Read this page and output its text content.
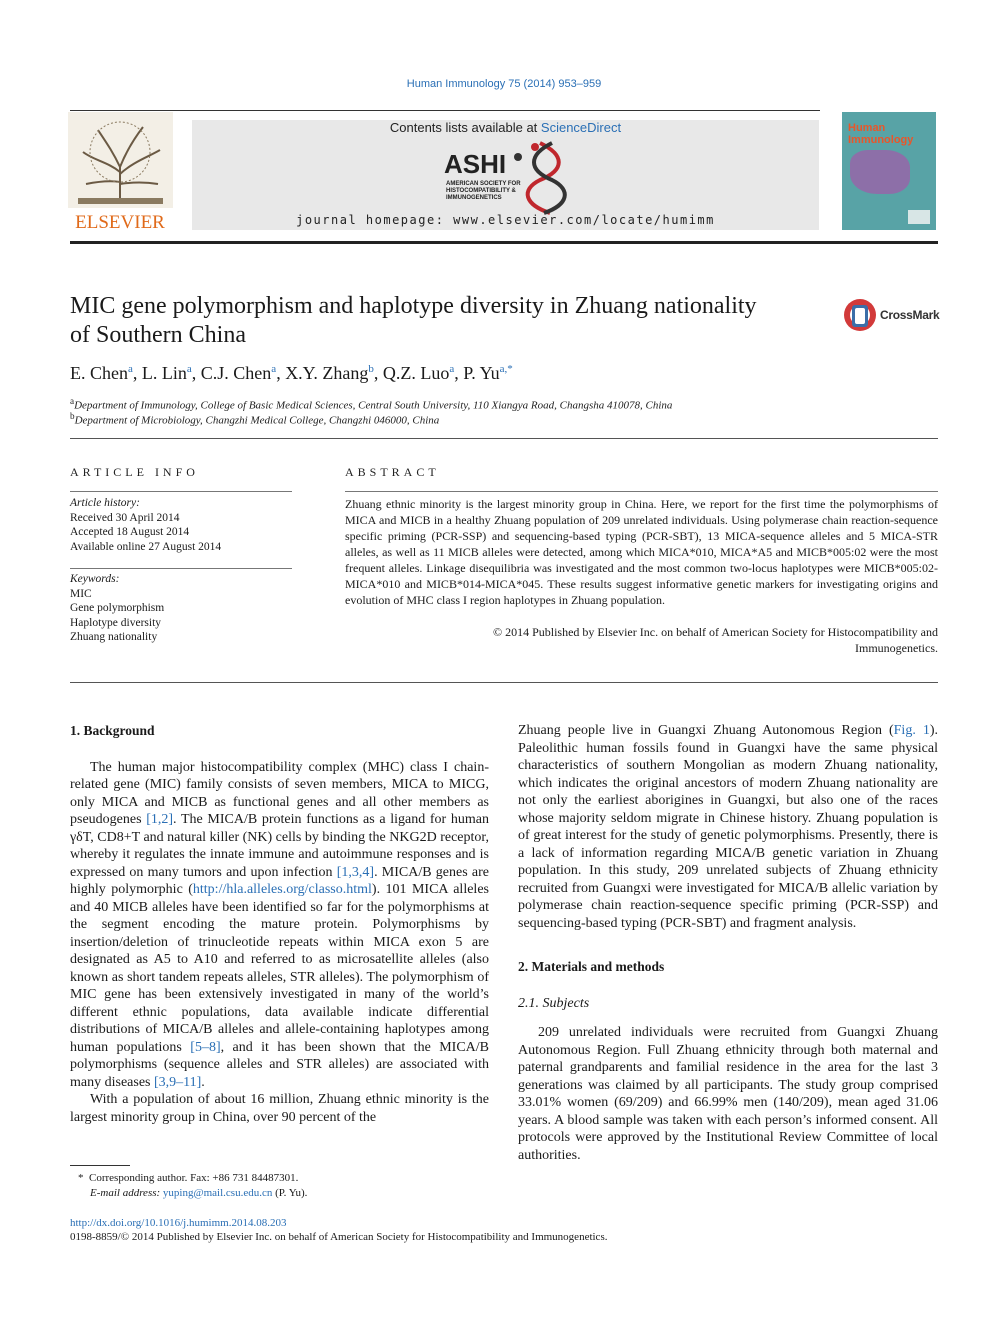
Human Immunology 75 (2014) 953–959
ELSEVIER
Contents lists available at ScienceDirect
ASHI
AMERICAN SOCIETY FOR
HISTOCOMPATIBILITY &
IMMUNOGENETICS
journal homepage: www.elsevier.com/locate/humimm
Human
Immunology
MIC gene polymorphism and haplotype diversity in Zhuang nationality
of Southern China
CrossMark
E. Chen$^a$, L. Lin$^a$, C.J. Chen$^a$, X.Y. Zhang$^b$, Q.Z. Luo$^a$, P. $Yu^{a,*}$
$^a$Department of Immunology, College of Basic Medical Sciences, Central South University, 110 Xiangya Road, Changsha 410078, China
$^b$Department of Microbiology, Changzhi Medical College, Changzhi 046000, China
ARTICLE INFO	ABSTRACT
Article history:
Received 30 April 2014
Accepted 18 August 2014
Available online 27 August 2014
Keywords:
MIC
Gene polymorphism
Haplotype diversity
Zhuang nationality
Zhuang ethnic minority is the largest minority group in China. Here, we report for the first time the polymorphisms of MICA and MICB in a healthy Zhuang population of 209 unrelated individuals. Using polymerase chain reaction-sequence specific priming (PCR-SSP) and sequencing-based typing (PCR-SBT), 13 MICA-sequence alleles and 5 MICA-STR alleles, as well as 11 MICB alleles were detected, among which MICA*010, MICA*A5 and MICB*005:02 were the most frequent alleles. Linkage disequilibria was investigated and the most common two-locus haplotypes were MICB*005:02-MICA*010 and MICB*014-MICA*045. These results suggest informative genetic markers for investigating origins and evolution of MHC class I region haplotypes in Zhuang population.
© 2014 Published by Elsevier Inc. on behalf of American Society for Histocompatibility and
Immunogenetics.
1. Background

The human major histocompatibility complex (MHC) class I chain-related gene (MIC) family consists of seven members, MICA to MICG, only MICA and MICB as functional genes and all other members as pseudogenes [1,2]. The MICA/B protein functions as a ligand for human γδT, CD8+T and natural killer (NK) cells by binding the NKG2D receptor, whereby it regulates the innate immune and autoimmune responses and is expressed on many tumors and upon infection [1,3,4]. MICA/B genes are highly polymorphic (http://hla.alleles.org/classo.html). 101 MICA alleles and 40 MICB alleles have been identified so far for the polymorphisms at the segment encoding the mature protein. Polymorphisms by insertion/deletion of trinucleotide repeats within MICA exon 5 are designated as A5 to A10 and referred to as microsatellite alleles (also known as short tandem repeats alleles, STR alleles). The polymorphism of MIC gene has been extensively investigated in many of the world’s different ethnic populations, data available indicate differential distributions of MICA/B alleles and allele-containing haplotypes among human populations [5–8], and it has been shown that the MICA/B polymorphisms (sequence alleles and STR alleles) are associated with many diseases [3,9–11].

With a population of about 16 million, Zhuang ethnic minority is the largest minority group in China, over 90 percent of the

Zhuang people live in Guangxi Zhuang Autonomous Region (Fig. 1). Paleolithic human fossils found in Guangxi have the same physical characteristics of southern Mongolian as modern Zhuang nationality, which indicates the original ancestors of modern Zhuang nationality are not only the earliest aborigines in Guangxi, but also one of the races whose majority seldom migrate in Chinese history. Zhuang population is of great interest for the study of genetic polymorphisms. Presently, there is a lack of information regarding MICA/B genetic variation in Zhuang population. In this study, 209 unrelated subjects of Zhuang ethnicity recruited from Guangxi were investigated for MICA/B allelic variation by polymerase chain reaction-sequence specific priming (PCR-SSP) and sequencing-based typing (PCR-SBT) and fragment analysis.

2. Materials and methods
2.1. Subjects

209 unrelated individuals were recruited from Guangxi Zhuang Autonomous Region. Full Zhuang ethnicity through both maternal and paternal grandparents and familial residence in the area for the last 3 generations was claimed by all participants. The study group comprised 33.01% women (69/209) and 66.99% men (140/209), mean aged 31.06 years. A blood sample was taken with each person’s informed consent. All protocols were approved by the Institutional Review Committee of local authorities.

*  Corresponding author. Fax: +86 731 84487301.
E-mail address: yuping@mail.csu.edu.cn (P. Yu).
http://dx.doi.org/10.1016/j.humimm.2014.08.203
0198-8859/© 2014 Published by Elsevier Inc. on behalf of American Society for Histocompatibility and Immunogenetics.
